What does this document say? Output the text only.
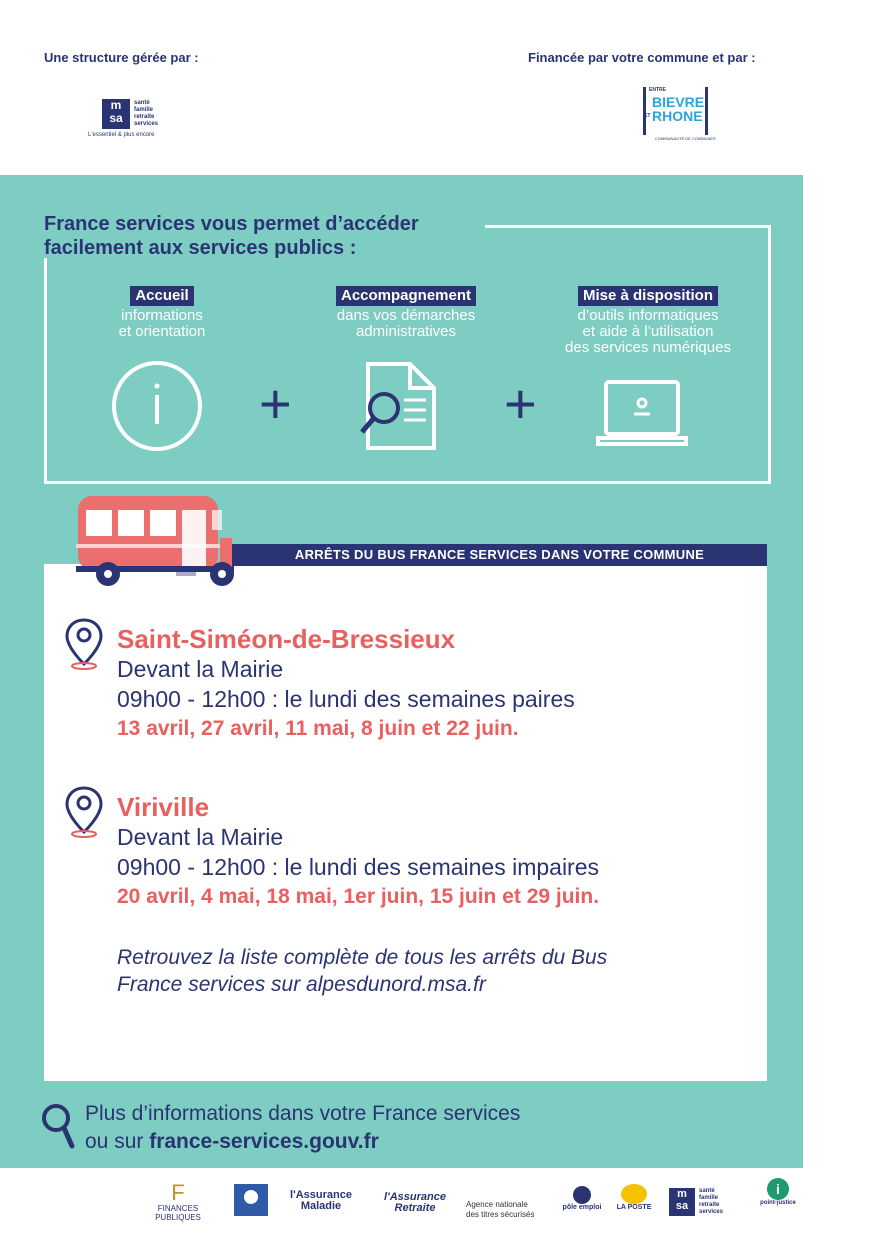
Une structure gérée par :	Financée par votre commune et par :
m
sa
santé
famille
retraite
services
L'essentiel & plus encore
ENTRE
BIEVRE
ET RHONE
COMMUNAUTÉ DE COMMUNES
France services vous permet d’accéder
facilement aux services publics :
Accueil
informations
et orientation
+
Accompagnement
dans vos démarches
administratives
+
Mise à disposition
d’outils informatiques
et aide à l’utilisation
des services numériques
ARRÊTS DU BUS FRANCE SERVICES DANS VOTRE COMMUNE
Saint-Siméon-de-Bressieux
Devant la Mairie
09h00 - 12h00 : le lundi des semaines paires
13 avril, 27 avril, 11 mai, 8 juin et 22 juin.
Viriville
Devant la Mairie
09h00 - 12h00 : le lundi des semaines impaires
20 avril, 4 mai, 18 mai, 1er juin, 15 juin et 29 juin.
Retrouvez la liste complète de tous les arrêts du Bus
France services sur alpesdunord.msa.fr
Plus d’informations dans votre France services
ou sur france-services.gouv.fr
F
FINANCES PUBLIQUES
l'Assurance Maladie
l'Assurance Retraite	Agence nationale
des titres sécurisés
pôle emploi	LA POSTE
m
sa
santé
famille
retraite
services
i
point-justice
